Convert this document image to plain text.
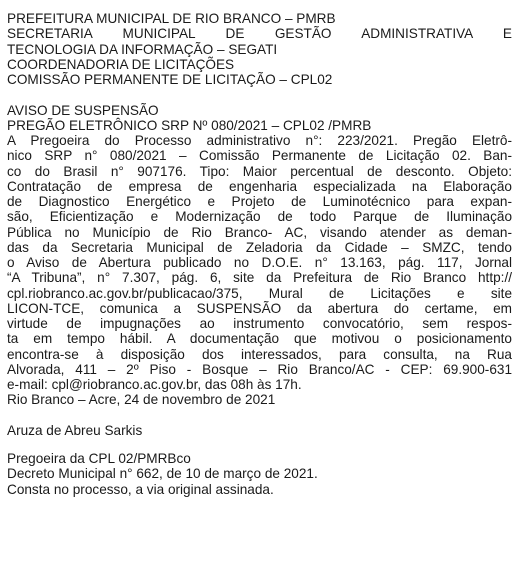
PREFEITURA MUNICIPAL DE RIO BRANCO – PMRB
SECRETARIA MUNICIPAL DE GESTÃO ADMINISTRATIVA E
TECNOLOGIA DA INFORMAÇÃO – SEGATI
COORDENADORIA DE LICITAÇÕES
COMISSÃO PERMANENTE DE LICITAÇÃO – CPL02
AVISO DE SUSPENSÃO
PREGÃO ELETRÔNICO SRP Nº 080/2021 – CPL02 /PMRB
A Pregoeira do Processo administrativo n°: 223/2021. Pregão Eletrô-
nico SRP n° 080/2021 – Comissão Permanente de Licitação 02. Ban-
co do Brasil n° 907176. Tipo: Maior percentual de desconto. Objeto:
Contratação de empresa de engenharia especializada na Elaboração
de Diagnostico Energético e Projeto de Luminotécnico para expan-
são, Eficientização e Modernização de todo Parque de Iluminação
Pública no Município de Rio Branco- AC, visando atender as deman-
das da Secretaria Municipal de Zeladoria da Cidade – SMZC, tendo
o Aviso de Abertura publicado no D.O.E. n° 13.163, pág. 117, Jornal
“A Tribuna”, n° 7.307, pág. 6, site da Prefeitura de Rio Branco http://
cpl.riobranco.ac.gov.br/publicacao/375, Mural de Licitações e site
LICON-TCE, comunica a SUSPENSÃO da abertura do certame, em
virtude de impugnações ao instrumento convocatório, sem respos-
ta em tempo hábil. A documentação que motivou o posicionamento
encontra-se à disposição dos interessados, para consulta, na Rua
Alvorada, 411 – 2º Piso - Bosque – Rio Branco/AC - CEP: 69.900-631
e-mail: cpl@riobranco.ac.gov.br, das 08h às 17h.
Rio Branco – Acre, 24 de novembro de 2021
Aruza de Abreu Sarkis
Pregoeira da CPL 02/PMRBco
Decreto Municipal n° 662, de 10 de março de 2021.
Consta no processo, a via original assinada.
